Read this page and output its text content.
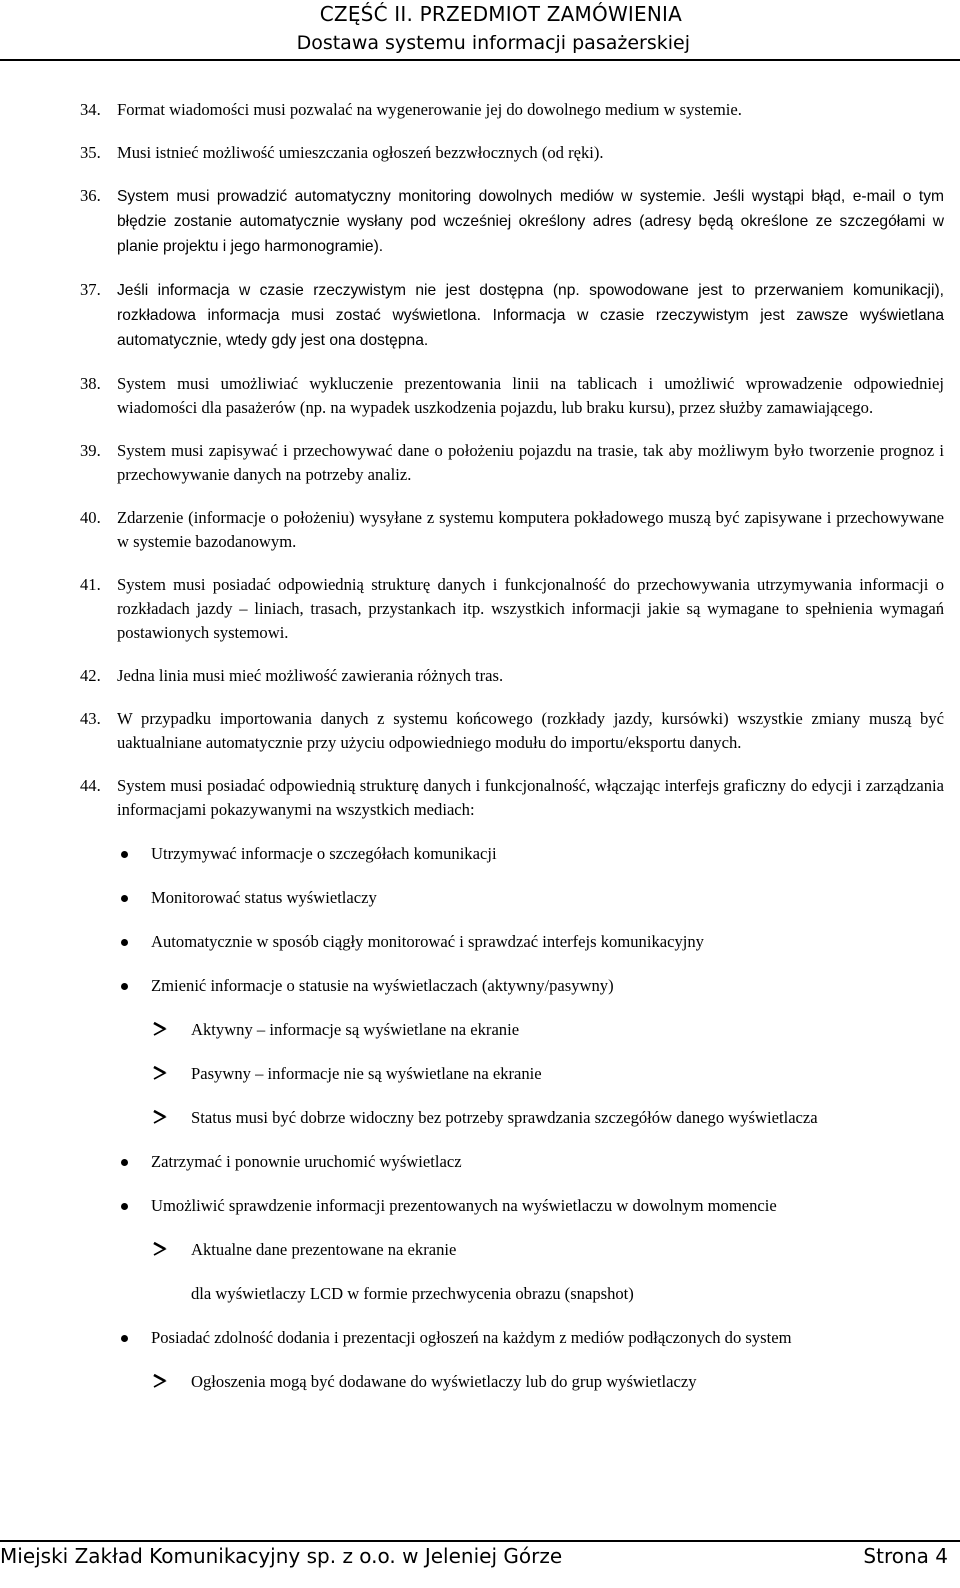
CZĘŚĆ II. PRZEDMIOT ZAMÓWIENIA
Dostawa systemu informacji pasażerskiej
34. Format wiadomości musi pozwalać na wygenerowanie jej do dowolnego medium w systemie.
35. Musi istnieć możliwość umieszczania ogłoszeń bezzwłocznych (od ręki).
36. System musi prowadzić automatyczny monitoring dowolnych mediów w systemie. Jeśli wystąpi błąd, e-mail o tym błędzie zostanie automatycznie wysłany pod wcześniej określony adres (adresy będą określone ze szczegółami w planie projektu i jego harmonogramie).
37. Jeśli informacja w czasie rzeczywistym nie jest dostępna (np. spowodowane jest to przerwaniem komunikacji), rozkładowa informacja musi zostać wyświetlona. Informacja w czasie rzeczywistym jest zawsze wyświetlana automatycznie, wtedy gdy jest ona dostępna.
38. System musi umożliwiać wykluczenie prezentowania linii na tablicach i umożliwić wprowadzenie odpowiedniej wiadomości dla pasażerów (np. na wypadek uszkodzenia pojazdu, lub braku kursu), przez służby zamawiającego.
39. System musi zapisywać i przechowywać dane o położeniu pojazdu na trasie, tak aby możliwym było tworzenie prognoz i przechowywanie danych na potrzeby analiz.
40. Zdarzenie (informacje o położeniu) wysyłane z systemu komputera pokładowego muszą być zapisywane i przechowywane w systemie bazodanowym.
41. System musi posiadać odpowiednią strukturę danych i funkcjonalność do przechowywania utrzymywania informacji o rozkładach jazdy – liniach, trasach, przystankach itp. wszystkich informacji jakie są wymagane to spełnienia wymagań postawionych systemowi.
42. Jedna linia musi mieć możliwość zawierania różnych tras.
43. W przypadku importowania danych z systemu końcowego (rozkłady jazdy, kursówki) wszystkie zmiany muszą być uaktualniane automatycznie przy użyciu odpowiedniego modułu do importu/eksportu danych.
44. System musi posiadać odpowiednią strukturę danych i funkcjonalność, włączając interfejs graficzny do edycji i zarządzania informacjami pokazywanymi na wszystkich mediach:
Utrzymywać informacje o szczegółach komunikacji
Monitorować status wyświetlaczy
Automatycznie w sposób ciągły monitorować i sprawdzać interfejs komunikacyjny
Zmienić informacje o statusie na wyświetlaczach (aktywny/pasywny)
Aktywny – informacje są wyświetlane na ekranie
Pasywny – informacje nie są wyświetlane na ekranie
Status musi być dobrze widoczny bez potrzeby sprawdzania szczegółów danego wyświetlacza
Zatrzymać i ponownie uruchomić wyświetlacz
Umożliwić sprawdzenie informacji prezentowanych na wyświetlaczu w dowolnym momencie
Aktualne dane prezentowane na ekranie
dla wyświetlaczy LCD w formie przechwycenia obrazu (snapshot)
Posiadać zdolność dodania i prezentacji ogłoszeń na każdym z mediów podłączonych do system
Ogłoszenia mogą być dodawane do wyświetlaczy lub do grup wyświetlaczy
Miejski Zakład Komunikacyjny sp. z o.o. w Jeleniej Górze	Strona 4
